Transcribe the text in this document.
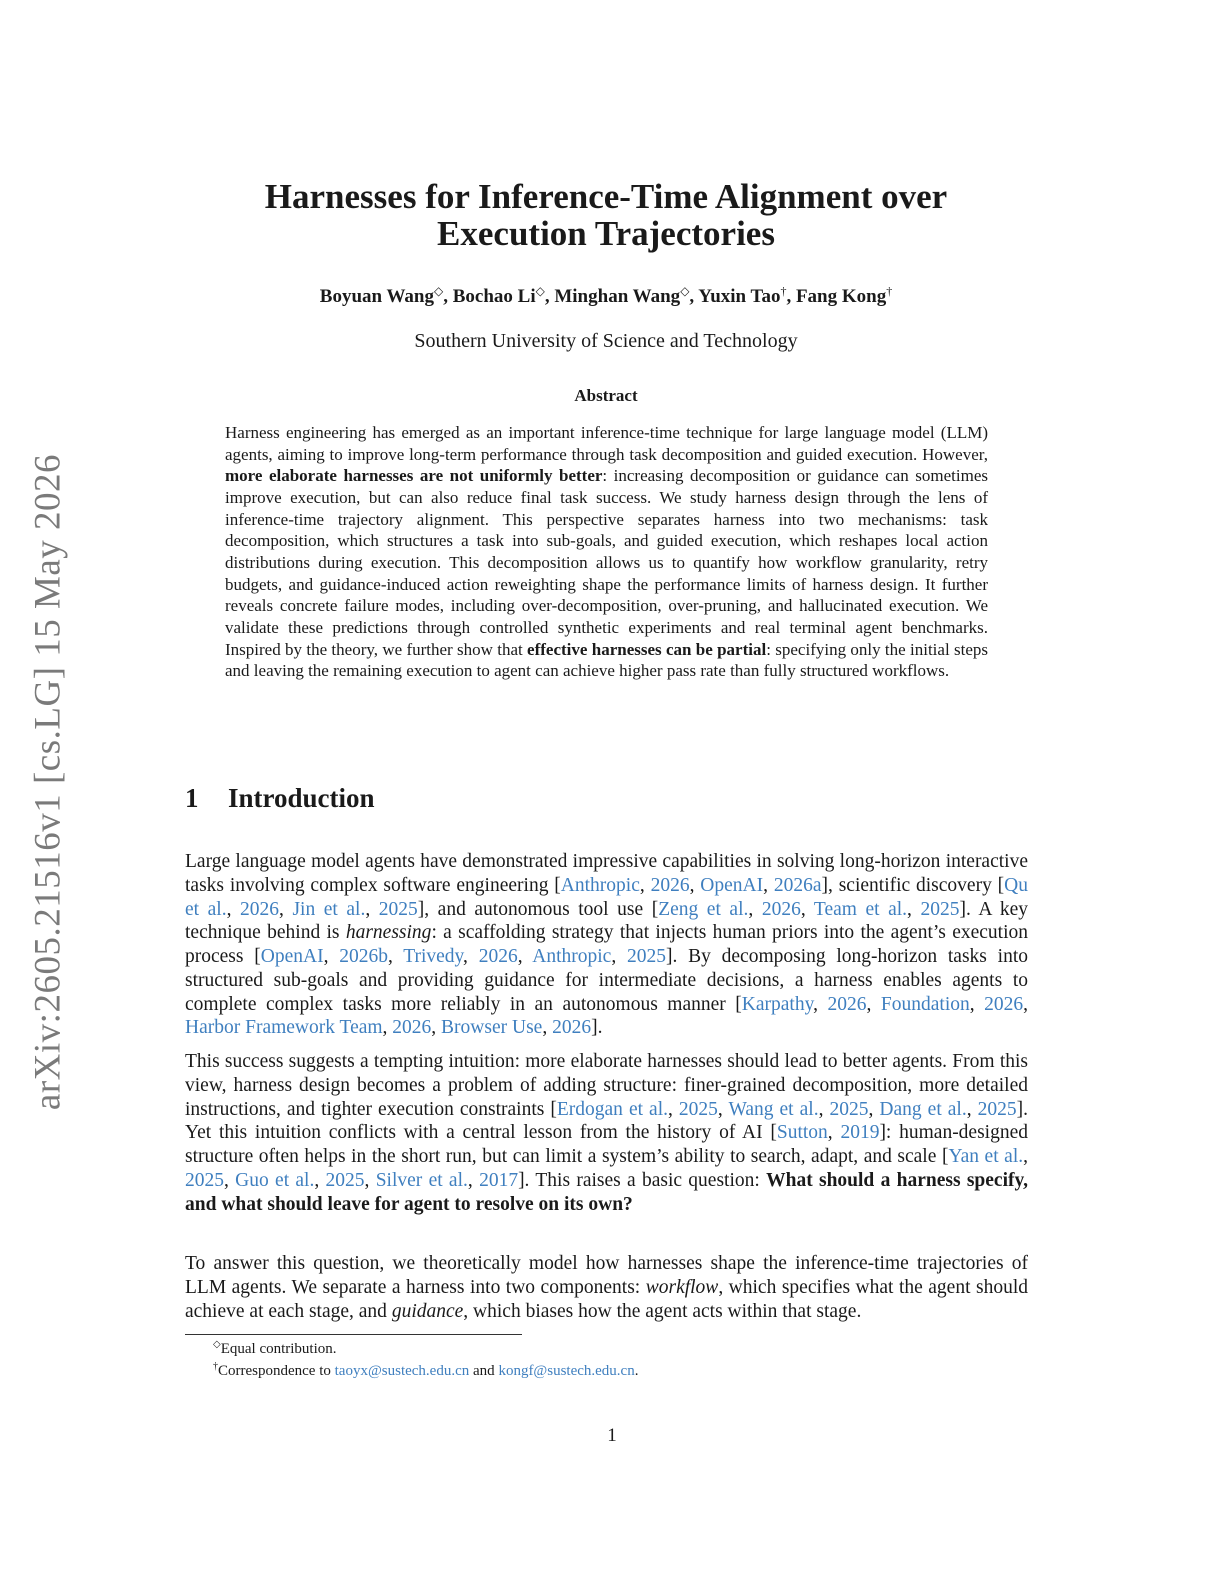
arXiv:2605.21516v1 [cs.LG] 15 May 2026
Harnesses for Inference-Time Alignment over
Execution Trajectories
Boyuan Wang◇, Bochao Li◇, Minghan Wang◇, Yuxin Tao†, Fang Kong†
Southern University of Science and Technology
Abstract
Harness engineering has emerged as an important inference-time technique for large language model (LLM) agents, aiming to improve long-term performance through task decomposition and guided execution. However, more elaborate harnesses are not uniformly better: increasing decomposition or guidance can sometimes improve execution, but can also reduce final task success. We study harness design through the lens of inference-time trajectory alignment. This perspective separates harness into two mechanisms: task decomposition, which structures a task into sub-goals, and guided execution, which reshapes local action distributions during execution. This decomposition allows us to quantify how workflow granularity, retry budgets, and guidance-induced action reweighting shape the performance limits of harness design. It further reveals concrete failure modes, including over-decomposition, over-pruning, and hallucinated execution. We validate these predictions through controlled synthetic experiments and real terminal agent benchmarks. Inspired by the theory, we further show that effective harnesses can be partial: specifying only the initial steps and leaving the remaining execution to agent can achieve higher pass rate than fully structured workflows.
1 Introduction
Large language model agents have demonstrated impressive capabilities in solving long-horizon interactive tasks involving complex software engineering [Anthropic, 2026, OpenAI, 2026a], scientific discovery [Qu et al., 2026, Jin et al., 2025], and autonomous tool use [Zeng et al., 2026, Team et al., 2025]. A key technique behind is harnessing: a scaffolding strategy that injects human priors into the agent’s execution process [OpenAI, 2026b, Trivedy, 2026, Anthropic, 2025]. By decomposing long-horizon tasks into structured sub-goals and providing guidance for intermediate decisions, a harness enables agents to complete complex tasks more reliably in an autonomous manner [Karpathy, 2026, Foundation, 2026, Harbor Framework Team, 2026, Browser Use, 2026].
This success suggests a tempting intuition: more elaborate harnesses should lead to better agents. From this view, harness design becomes a problem of adding structure: finer-grained decomposition, more detailed instructions, and tighter execution constraints [Erdogan et al., 2025, Wang et al., 2025, Dang et al., 2025]. Yet this intuition conflicts with a central lesson from the history of AI [Sutton, 2019]: human-designed structure often helps in the short run, but can limit a system’s ability to search, adapt, and scale [Yan et al., 2025, Guo et al., 2025, Silver et al., 2017]. This raises a basic question: What should a harness specify, and what should leave for agent to resolve on its own?
To answer this question, we theoretically model how harnesses shape the inference-time trajectories of LLM agents. We separate a harness into two components: workflow, which specifies what the agent should achieve at each stage, and guidance, which biases how the agent acts within that stage.
◇Equal contribution.
†Correspondence to taoyx@sustech.edu.cn and kongf@sustech.edu.cn.
1
